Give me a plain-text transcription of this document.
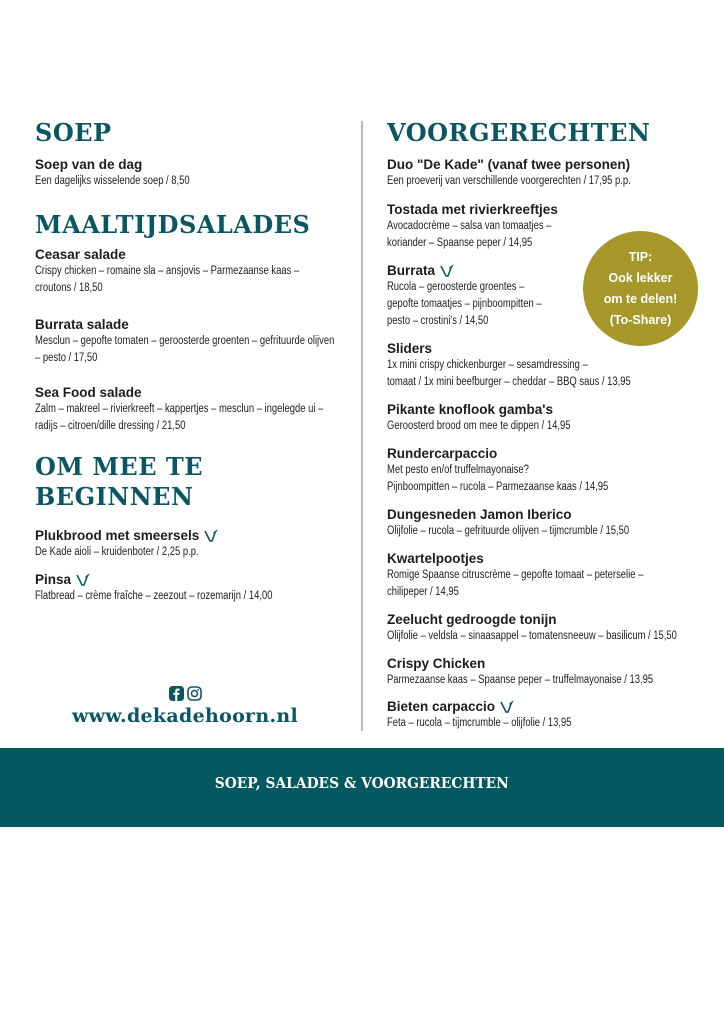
SOEP
Soep van de dag
Een dagelijks wisselende soep / 8,50
MAALTIJDSALADES
Ceasar salade
Crispy chicken – romaine sla – ansjovis – Parmezaanse kaas – croutons / 18,50
Burrata salade
Mesclun – gepofte tomaten – geroosterde groenten – gefrituurde olijven – pesto / 17,50
Sea Food salade
Zalm – makreel – rivierkreeft – kappertjes – mesclun – ingelegde ui – radijs – citroen/dille dressing / 21,50
OM MEE TE
BEGINNEN
Plukbrood met smeersels
De Kade aioli – kruidenboter / 2,25 p.p.
Pinsa
Flatbread – crème fraîche – zeezout – rozemarijn / 14,00
www.dekadehoorn.nl
VOORGERECHTEN
Duo "De Kade" (vanaf twee personen)
Een proeverij van verschillende voorgerechten / 17,95 p.p.
Tostada met rivierkreeftjes
Avocadocrème – salsa van tomaatjes –
koriander – Spaanse peper / 14,95
Burrata
Rucola – geroosterde groentes –
gepofte tomaatjes – pijnboompitten –
pesto – crostini's / 14,50
Sliders
1x mini crispy chickenburger – sesamdressing –
tomaat / 1x mini beefburger – cheddar – BBQ saus / 13,95
Pikante knoflook gamba's
Geroosterd brood om mee te dippen / 14,95
Rundercarpaccio
Met pesto en/of truffelmayonaise?
Pijnboompitten – rucola – Parmezaanse kaas / 14,95
Dungesneden Jamon Iberico
Olijfolie – rucola – gefrituurde olijven – tijmcrumble / 15,50
Kwartelpootjes
Romige Spaanse citruscrème – gepofte tomaat – peterselie –
chilipeper / 14,95
Zeelucht gedroogde tonijn
Olijfolie – veldsla – sinaasappel – tomatensneeuw – basilicum / 15,50
Crispy Chicken
Parmezaanse kaas – Spaanse peper – truffelmayonaise / 13,95
Bieten carpaccio
Feta – rucola – tijmcrumble – olijfolie / 13,95
TIP:
Ook lekker
om te delen!
(To-Share)
SOEP, SALADES & VOORGERECHTEN
